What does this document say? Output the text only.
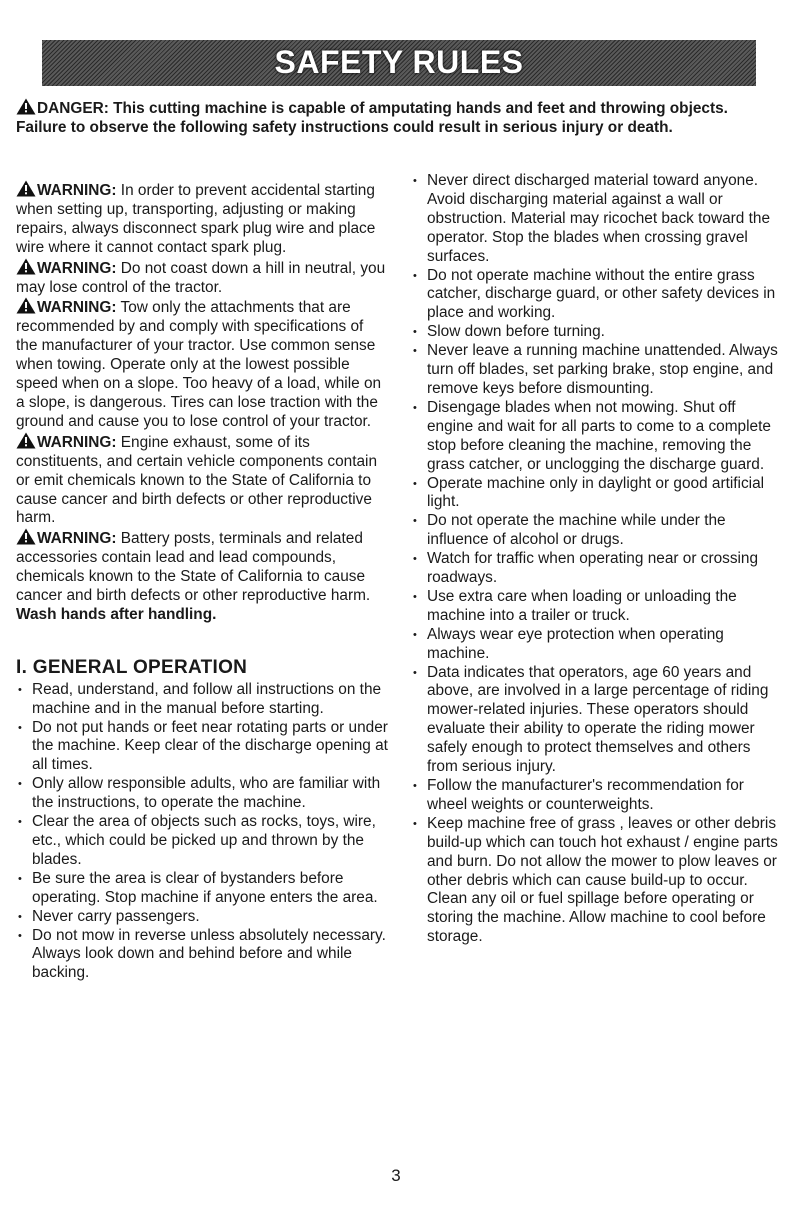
SAFETY RULES
DANGER: This cutting machine is capable of amputating hands and feet and throwing objects. Failure to observe the following safety instructions could result in serious injury or death.

WARNING: In order to prevent accidental starting when setting up, transporting, adjusting or making repairs, always disconnect spark plug wire and place wire where it cannot contact spark plug.

WARNING: Do not coast down a hill in neutral, you may lose control of the tractor.

WARNING: Tow only the attachments that are recommended by and comply with specifications of the manufacturer of your tractor. Use common sense when towing. Operate only at the lowest possible speed when on a slope. Too heavy of a load, while on a slope, is dangerous. Tires can lose traction with the ground and cause you to lose control of your tractor.

WARNING: Engine exhaust, some of its constituents, and certain vehicle components contain or emit chemicals known to the State of California to cause cancer and birth defects or other reproductive harm.

WARNING: Battery posts, terminals and related accessories contain lead and lead compounds, chemicals known to the State of California to cause cancer and birth defects or other reproductive harm.
Wash hands after handling.

I. GENERAL OPERATION
• Read, understand, and follow all instructions on the machine and in the manual before starting.
• Do not put hands or feet near rotating parts or under the machine. Keep clear of the discharge opening at all times.
• Only allow responsible adults, who are familiar with the instructions, to operate the machine.
• Clear the area of objects such as rocks, toys, wire, etc., which could be picked up and thrown by the blades.
• Be sure the area is clear of bystanders before operating. Stop machine if anyone enters the area.
• Never carry passengers.
• Do not mow in reverse unless absolutely necessary. Always look down and behind before and while backing.
• Never direct discharged material toward anyone. Avoid discharging material against a wall or obstruction. Material may ricochet back toward the operator. Stop the blades when crossing gravel surfaces.
• Do not operate machine without the entire grass catcher, discharge guard, or other safety devices in place and working.
• Slow down before turning.
• Never leave a running machine unattended. Always turn off blades, set parking brake, stop engine, and remove keys before dismounting.
• Disengage blades when not mowing. Shut off engine and wait for all parts to come to a complete stop before cleaning the machine, removing the grass catcher, or unclogging the discharge guard.
• Operate machine only in daylight or good artificial light.
• Do not operate the machine while under the influence of alcohol or drugs.
• Watch for traffic when operating near or crossing roadways.
• Use extra care when loading or unloading the machine into a trailer or truck.
• Always wear eye protection when operating machine.
• Data indicates that operators, age 60 years and above, are involved in a large percentage of riding mower-related injuries. These operators should evaluate their ability to operate the riding mower safely enough to protect themselves and others from serious injury.
• Follow the manufacturer's recommendation for wheel weights or counterweights.
• Keep machine free of grass , leaves or other debris build-up which can touch hot exhaust / engine parts and burn. Do not allow the mower to plow leaves or other debris which can cause build-up to occur. Clean any oil or fuel spillage before operating or storing the machine. Allow machine to cool before storage.
3
